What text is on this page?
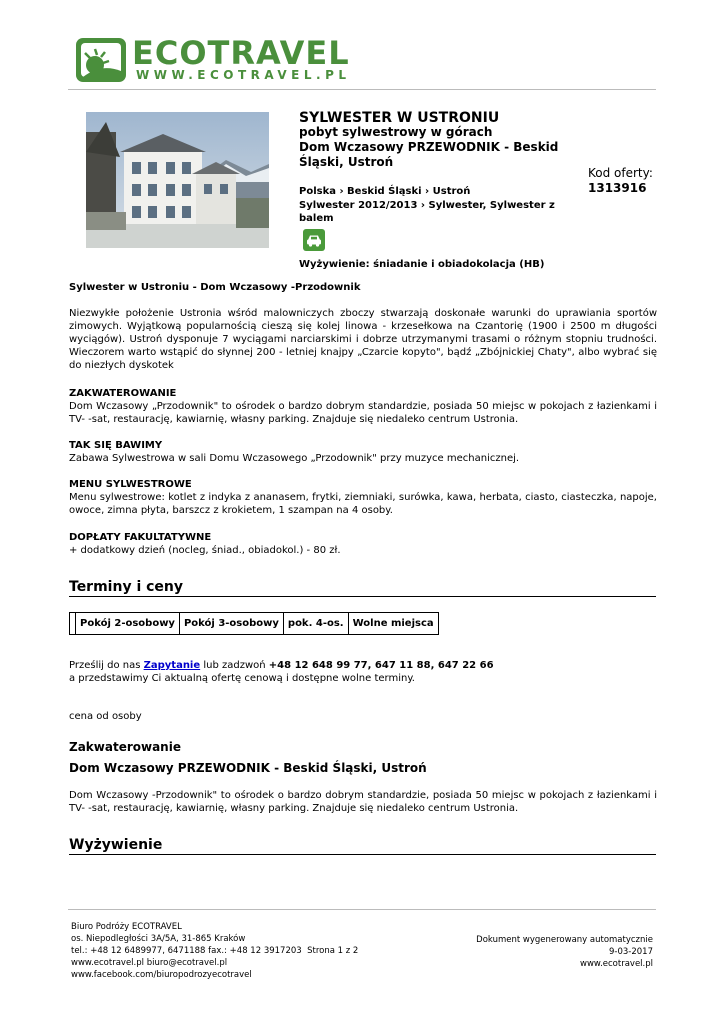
ECOTRAVEL
WWW.ECOTRAVEL.PL
SYLWESTER W USTRONIU
pobyt sylwestrowy w górach
Dom Wczasowy PRZEWODNIK - Beskid Śląski, Ustroń
Kod oferty:
1313916
Polska › Beskid Śląski › Ustroń
Sylwester 2012/2013 › Sylwester, Sylwester z balem
Wyżywienie: śniadanie i obiadokolacja (HB)
Sylwester w Ustroniu - Dom Wczasowy -Przodownik
Niezwykłe położenie Ustronia wśród malowniczych zboczy stwarzają doskonałe warunki do uprawiania sportów zimowych. Wyjątkową popularnością cieszą się kolej linowa - krzesełkowa na Czantorię (1900 i 2500 m długości wyciągów). Ustroń dysponuje 7 wyciągami narciarskimi i dobrze utrzymanymi trasami o różnym stopniu trudności. Wieczorem warto wstąpić do słynnej 200 - letniej knajpy „Czarcie kopyto", bądź „Zbójnickiej Chaty", albo wybrać się do niezłych dyskotek
ZAKWATEROWANIE
Dom Wczasowy „Przodownik" to ośrodek o bardzo dobrym standardzie, posiada 50 miejsc w pokojach z łazienkami i TV- -sat, restaurację, kawiarnię, własny parking. Znajduje się niedaleko centrum Ustronia.
TAK SIĘ BAWIMY
Zabawa Sylwestrowa w sali Domu Wczasowego „Przodownik" przy muzyce mechanicznej.
MENU SYLWESTROWE
Menu sylwestrowe: kotlet z indyka z ananasem, frytki, ziemniaki, surówka, kawa, herbata, ciasto, ciasteczka, napoje, owoce, zimna płyta, barszcz z krokietem, 1 szampan na 4 osoby.
DOPŁATY FAKULTATYWNE
+ dodatkowy dzień (nocleg, śniad., obiadokol.) - 80 zł.
Terminy i ceny
	Pokój 2-osobowy	Pokój 3-osobowy	pok. 4-os.	Wolne miejsca
Prześlij do nas Zapytanie lub zadzwoń +48 12 648 99 77, 647 11 88, 647 22 66
a przedstawimy Ci aktualną ofertę cenową i dostępne wolne terminy.
cena od osoby
Zakwaterowanie
Dom Wczasowy PRZEWODNIK - Beskid Śląski, Ustroń
Dom Wczasowy -Przodownik" to ośrodek o bardzo dobrym standardzie, posiada 50 miejsc w pokojach z łazienkami i TV- -sat, restaurację, kawiarnię, własny parking. Znajduje się niedaleko centrum Ustronia.
Wyżywienie
Biuro Podróży ECOTRAVEL
os. Niepodległości 3A/5A, 31-865 Kraków
tel.: +48 12 6489977, 6471188 fax.: +48 12 3917203 Strona 1 z 2
www.ecotravel.pl biuro@ecotravel.pl
www.facebook.com/biuropodrozyecotravel
Dokument wygenerowany automatycznie
9-03-2017
www.ecotravel.pl
